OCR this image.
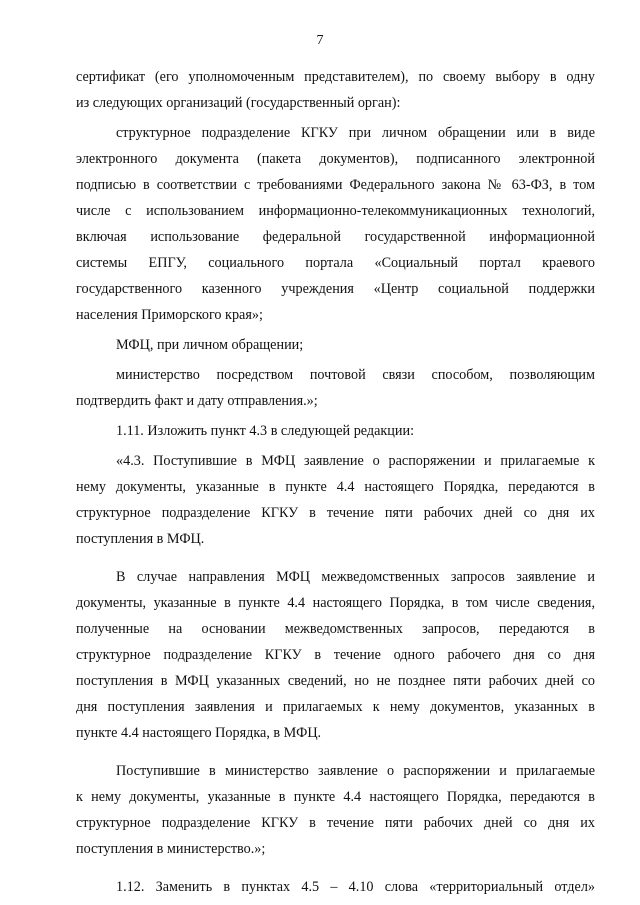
7
сертификат (его уполномоченным представителем), по своему выбору в одну
из следующих организаций (государственный орган):
структурное подразделение КГКУ при личном обращении или в виде
электронного документа (пакета документов), подписанного электронной
подписью в соответствии с требованиями Федерального закона № 63-ФЗ, в том
числе с использованием информационно-телекоммуникационных технологий,
включая использование федеральной государственной информационной
системы ЕПГУ, социального портала «Социальный портал краевого
государственного казенного учреждения «Центр социальной поддержки
населения Приморского края»;
МФЦ, при личном обращении;
министерство посредством почтовой связи способом, позволяющим
подтвердить факт и дату отправления.»;
1.11. Изложить пункт 4.3 в следующей редакции:
«4.3. Поступившие в МФЦ заявление о распоряжении и прилагаемые к
нему документы, указанные в пункте 4.4 настоящего Порядка, передаются в
структурное подразделение КГКУ в течение пяти рабочих дней со дня их
поступления в МФЦ.
В случае направления МФЦ межведомственных запросов заявление и
документы, указанные в пункте 4.4 настоящего Порядка, в том числе сведения,
полученные на основании межведомственных запросов, передаются в
структурное подразделение КГКУ в течение одного рабочего дня со дня
поступления в МФЦ указанных сведений, но не позднее пяти рабочих дней со
дня поступления заявления и прилагаемых к нему документов, указанных в
пункте 4.4 настоящего Порядка, в МФЦ.
Поступившие в министерство заявление о распоряжении и прилагаемые
к нему документы, указанные в пункте 4.4 настоящего Порядка, передаются в
структурное подразделение КГКУ в течение пяти рабочих дней со дня их
поступления в министерство.»;
1.12. Заменить в пунктах 4.5 – 4.10 слова «территориальный отдел»
